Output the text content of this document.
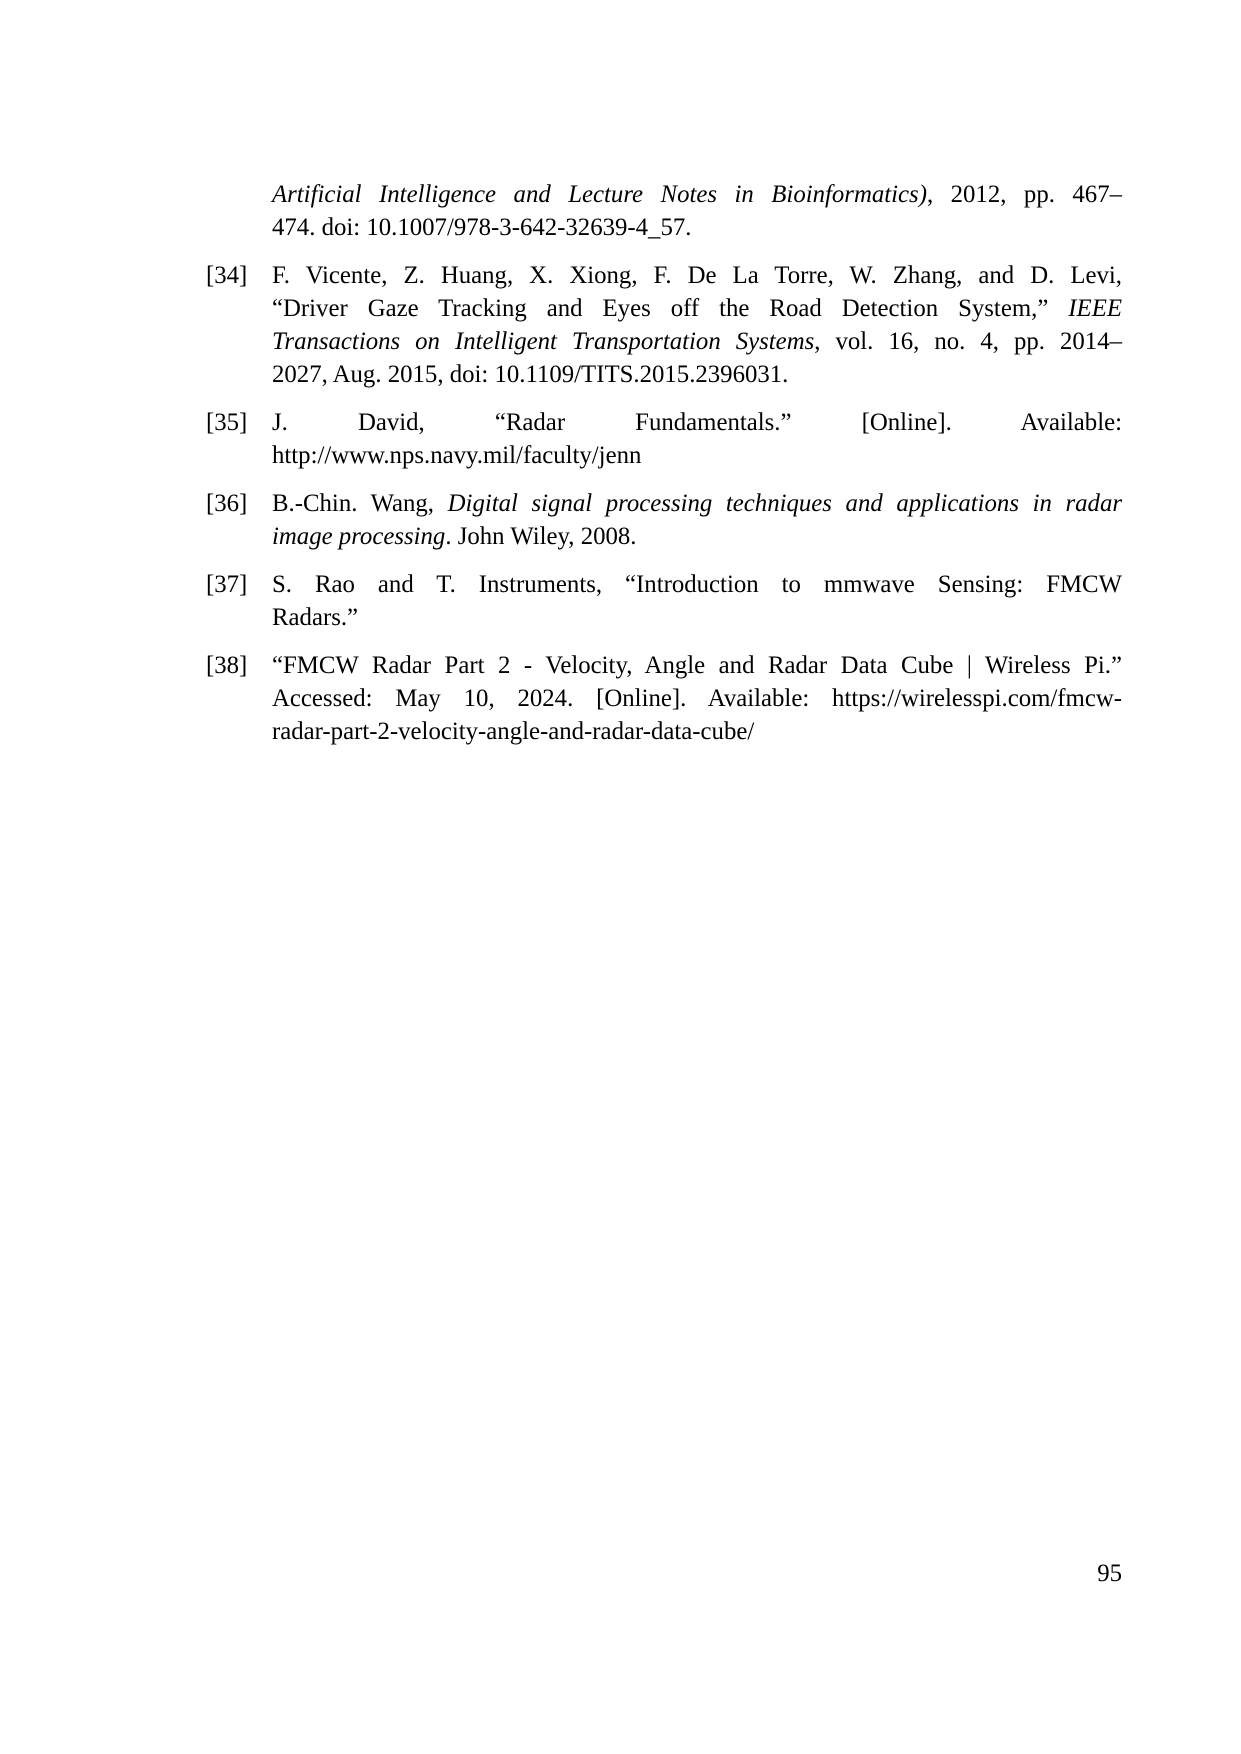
Artificial Intelligence and Lecture Notes in Bioinformatics), 2012, pp. 467–
474. doi: 10.1007/978-3-642-32639-4_57.
[34] F. Vicente, Z. Huang, X. Xiong, F. De La Torre, W. Zhang, and D. Levi,
“Driver Gaze Tracking and Eyes off the Road Detection System,” IEEE
Transactions on Intelligent Transportation Systems, vol. 16, no. 4, pp. 2014–
2027, Aug. 2015, doi: 10.1109/TITS.2015.2396031.
[35] J. David, “Radar Fundamentals.” [Online]. Available:
http://www.nps.navy.mil/faculty/jenn
[36] B.-Chin. Wang, Digital signal processing techniques and applications in radar
image processing. John Wiley, 2008.
[37] S. Rao and T. Instruments, “Introduction to mmwave Sensing: FMCW
Radars.”
[38] “FMCW Radar Part 2 - Velocity, Angle and Radar Data Cube | Wireless Pi.”
Accessed: May 10, 2024. [Online]. Available: https://wirelesspi.com/fmcw-
radar-part-2-velocity-angle-and-radar-data-cube/
95
